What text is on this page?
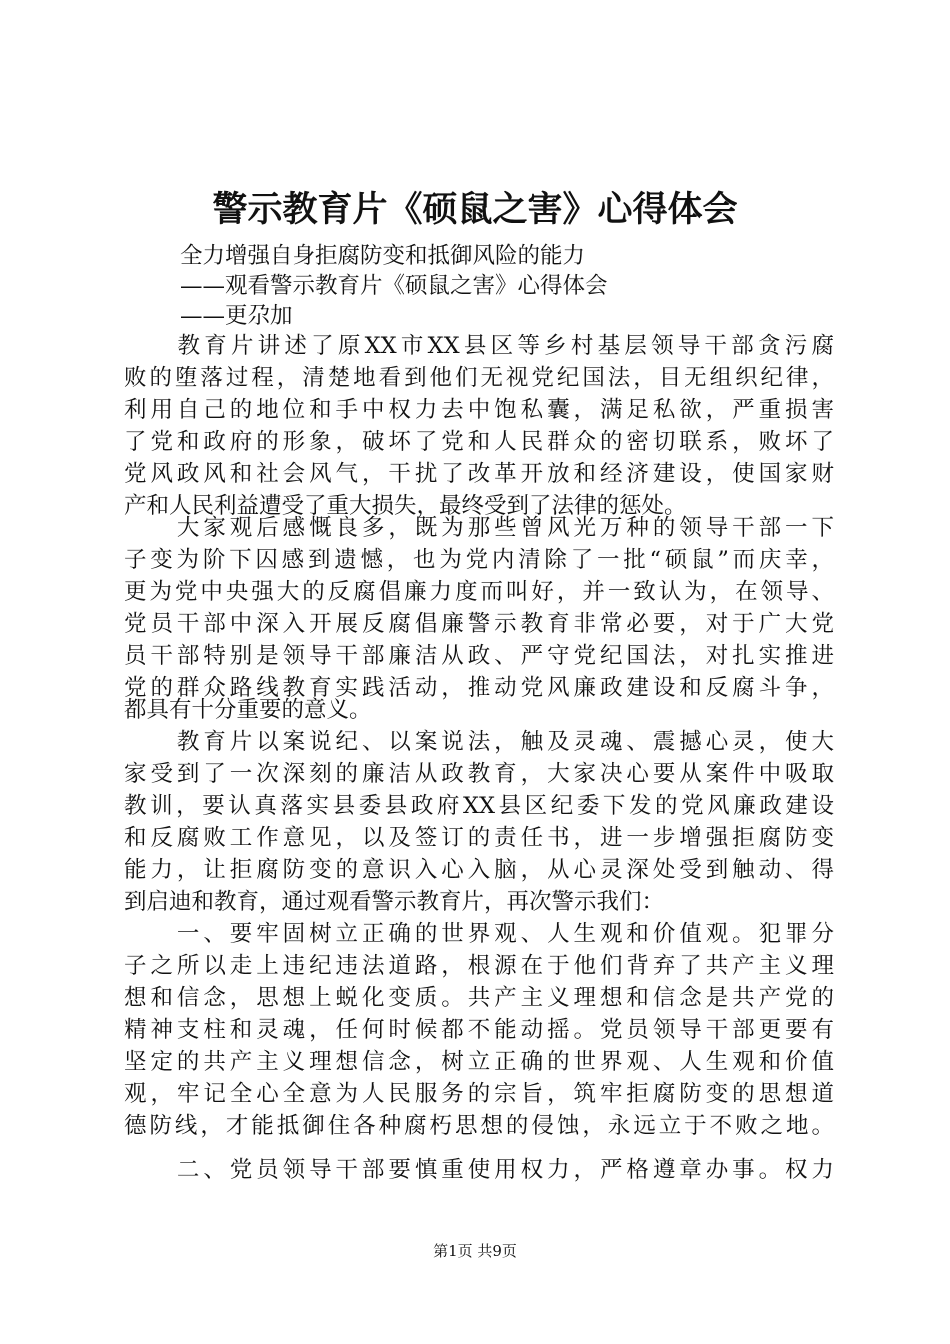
警示教育片《硕鼠之害》心得体会
全力增强自身拒腐防变和抵御风险的能力
——观看警示教育片《硕鼠之害》心得体会
——更尕加
　　教育片讲述了原XX市XX县区等乡村基层领导干部贪污腐
败的堕落过程，清楚地看到他们无视党纪国法，目无组织纪律，
利用自己的地位和手中权力去中饱私囊，满足私欲，严重损害
了党和政府的形象，破坏了党和人民群众的密切联系，败坏了
党风政风和社会风气，干扰了改革开放和经济建设，使国家财
产和人民利益遭受了重大损失，最终受到了法律的惩处。
　　大家观后感慨良多，既为那些曾风光万种的领导干部一下
子变为阶下囚感到遗憾，也为党内清除了一批“硕鼠”而庆幸，
更为党中央强大的反腐倡廉力度而叫好，并一致认为，在领导、
党员干部中深入开展反腐倡廉警示教育非常必要，对于广大党
员干部特别是领导干部廉洁从政、严守党纪国法，对扎实推进
党的群众路线教育实践活动，推动党风廉政建设和反腐斗争，
都具有十分重要的意义。
　　教育片以案说纪、以案说法，触及灵魂、震撼心灵，使大
家受到了一次深刻的廉洁从政教育，大家决心要从案件中吸取
教训，要认真落实县委县政府XX县区纪委下发的党风廉政建设
和反腐败工作意见，以及签订的责任书，进一步增强拒腐防变
能力，让拒腐防变的意识入心入脑，从心灵深处受到触动、得
到启迪和教育，通过观看警示教育片，再次警示我们：
　　一、要牢固树立正确的世界观、人生观和价值观。犯罪分
子之所以走上违纪违法道路，根源在于他们背弃了共产主义理
想和信念，思想上蜕化变质。共产主义理想和信念是共产党的
精神支柱和灵魂，任何时候都不能动摇。党员领导干部更要有
坚定的共产主义理想信念，树立正确的世界观、人生观和价值
观，牢记全心全意为人民服务的宗旨，筑牢拒腐防变的思想道
德防线，才能抵御住各种腐朽思想的侵蚀，永远立于不败之地。
　　二、党员领导干部要慎重使用权力，严格遵章办事。权力
第1页 共9页
